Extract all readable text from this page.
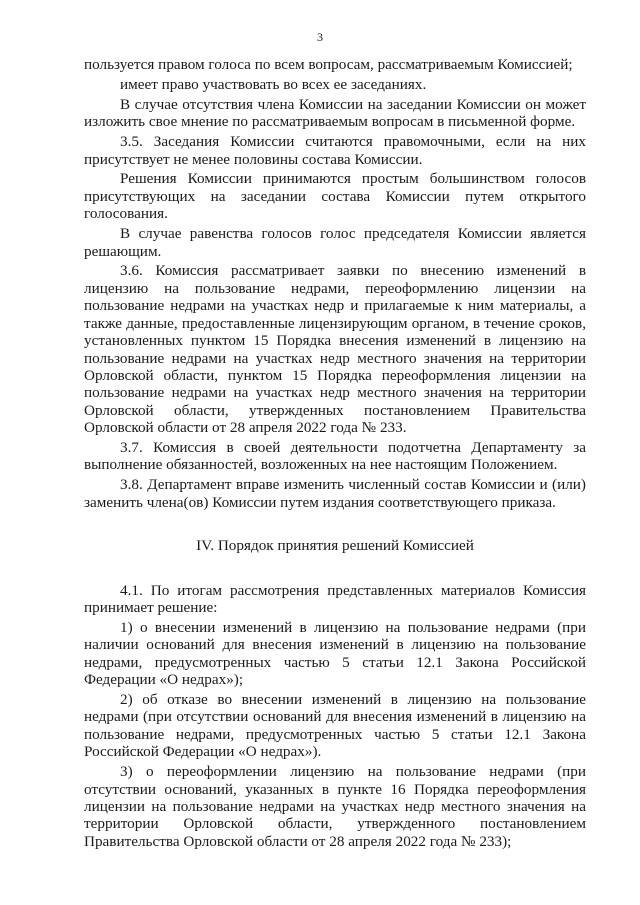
3

пользуется правом голоса по всем вопросам, рассматриваемым Комиссией;

имеет право участвовать во всех ее заседаниях.

В случае отсутствия члена Комиссии на заседании Комиссии он может изложить свое мнение по рассматриваемым вопросам в письменной форме.

3.5. Заседания Комиссии считаются правомочными, если на них присутствует не менее половины состава Комиссии.

Решения Комиссии принимаются простым большинством голосов присутствующих на заседании состава Комиссии путем открытого голосования.

В случае равенства голосов голос председателя Комиссии является решающим.

3.6. Комиссия рассматривает заявки по внесению изменений в лицензию на пользование недрами, переоформлению лицензии на пользование недрами на участках недр и прилагаемые к ним материалы, а также данные, предоставленные лицензирующим органом, в течение сроков, установленных пунктом 15 Порядка внесения изменений в лицензию на пользование недрами на участках недр местного значения на территории Орловской области, пунктом 15 Порядка переоформления лицензии на пользование недрами на участках недр местного значения на территории Орловской области, утвержденных постановлением Правительства Орловской области от 28 апреля 2022 года № 233.

3.7. Комиссия в своей деятельности подотчетна Департаменту за выполнение обязанностей, возложенных на нее настоящим Положением.

3.8. Департамент вправе изменить численный состав Комиссии и (или) заменить члена(ов) Комиссии путем издания соответствующего приказа.

IV. Порядок принятия решений Комиссией

4.1. По итогам рассмотрения представленных материалов Комиссия принимает решение:

1) о внесении изменений в лицензию на пользование недрами (при наличии оснований для внесения изменений в лицензию на пользование недрами, предусмотренных частью 5 статьи 12.1 Закона Российской Федерации «О недрах»);

2) об отказе во внесении изменений в лицензию на пользование недрами (при отсутствии оснований для внесения изменений в лицензию на пользование недрами, предусмотренных частью 5 статьи 12.1 Закона Российской Федерации «О недрах»).

3) о переоформлении лицензию на пользование недрами (при отсутствии оснований, указанных в пункте 16 Порядка переоформления лицензии на пользование недрами на участках недр местного значения на территории Орловской области, утвержденного постановлением Правительства Орловской области от 28 апреля 2022 года № 233);
